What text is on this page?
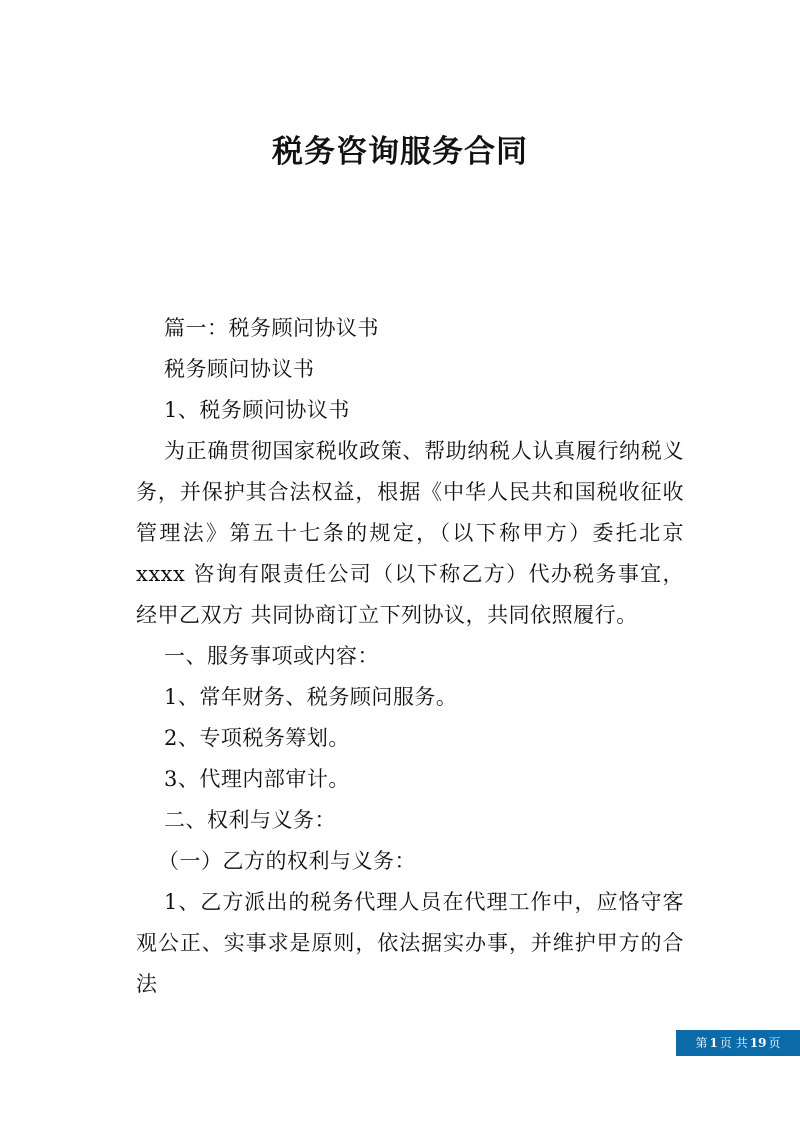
税务咨询服务合同

篇一：税务顾问协议书

税务顾问协议书

1、税务顾问协议书

为正确贯彻国家税收政策、帮助纳税人认真履行纳税义务，并保护其合法权益，根据《中华人民共和国税收征收管理法》第五十七条的规定，（以下称甲方）委托北京 xxxx 咨询有限责任公司（以下称乙方）代办税务事宜，经甲乙双方 共同协商订立下列协议，共同依照履行。

一、服务事项或内容：

1、常年财务、税务顾问服务。

2、专项税务筹划。

3、代理内部审计。

二、权利与义务：

（一）乙方的权利与义务：

1、乙方派出的税务代理人员在代理工作中，应恪守客观公正、实事求是原则，依法据实办事，并维护甲方的合法

第 1 页 共 19 页
